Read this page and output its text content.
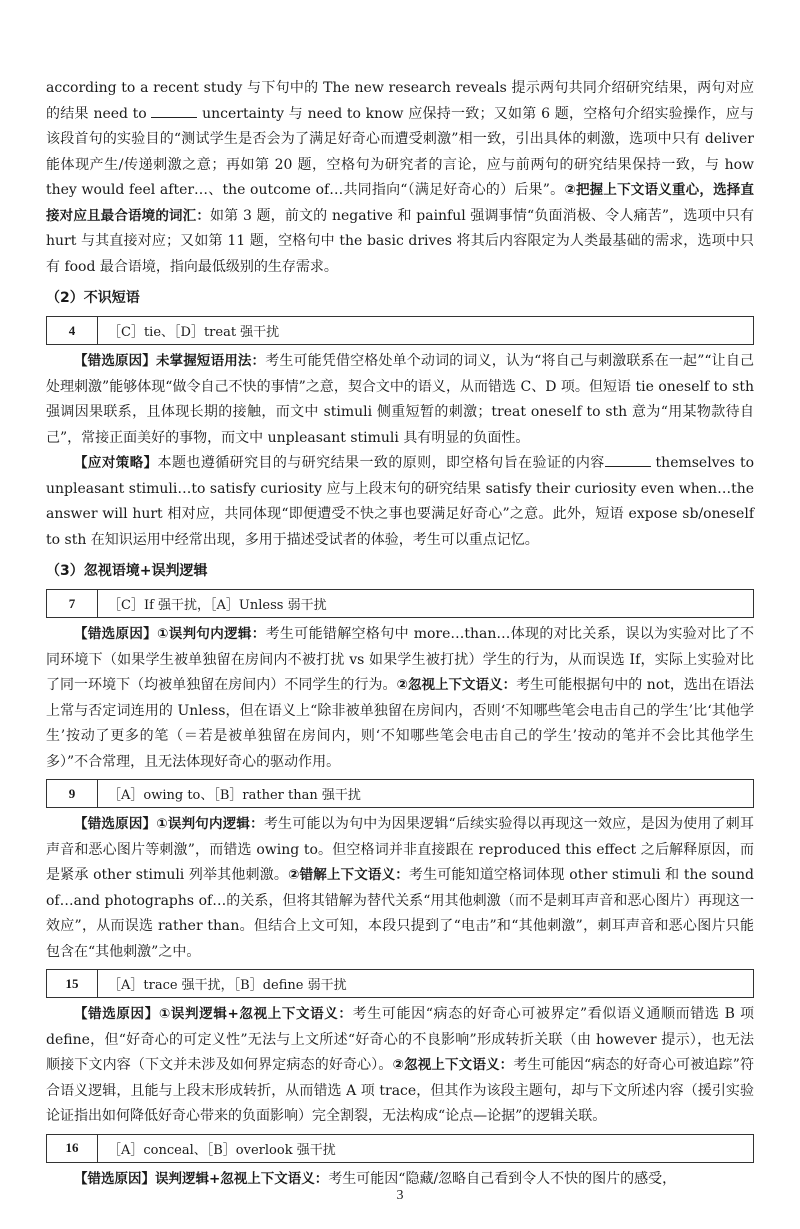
according to a recent study 与下句中的 The new research reveals 提示两句共同介绍研究结果，两句对应的结果 need to	uncertainty 与 need to know 应保持一致；又如第 6 题，空格句介绍实验操作，应与该段首句的实验目的“测试学生是否会为了满足好奇心而遭受刺激”相一致，引出具体的刺激，选项中只有 deliver 能体现产生/传递刺激之意；再如第 20 题，空格句为研究者的言论，应与前两句的研究结果保持一致，与 how they would feel after…、the outcome of…共同指向“（满足好奇心的）后果”。②把握上下文语义重心，选择直接对应且最合语境的词汇：如第 3 题，前文的 negative 和 painful 强调事情“负面消极、令人痛苦”，选项中只有 hurt 与其直接对应；又如第 11 题，空格句中 the basic drives 将其后内容限定为人类最基础的需求，选项中只有 food 最合语境，指向最低级别的生存需求。

（2）不识短语
4	［C］tie、［D］treat 强干扰

【错选原因】未掌握短语用法：考生可能凭借空格处单个动词的词义，认为“将自己与刺激联系在一起”“让自己处理刺激”能够体现“做令自己不快的事情”之意，契合文中的语义，从而错选 C、D 项。但短语 tie oneself to sth 强调因果联系，且体现长期的接触，而文中 stimuli 侧重短暂的刺激；treat oneself to sth 意为“用某物款待自己”，常接正面美好的事物，而文中 unpleasant stimuli 具有明显的负面性。

【应对策略】本题也遵循研究目的与研究结果一致的原则，即空格句旨在验证的内容	themselves to unpleasant stimuli…to satisfy curiosity 应与上段末句的研究结果 satisfy their curiosity even when…the answer will hurt 相对应，共同体现“即便遭受不快之事也要满足好奇心”之意。此外，短语 expose sb/oneself to sth 在知识运用中经常出现，多用于描述受试者的体验，考生可以重点记忆。

（3）忽视语境+误判逻辑
7	［C］If 强干扰，［A］Unless 弱干扰

【错选原因】①误判句内逻辑：考生可能错解空格句中 more…than…体现的对比关系，误以为实验对比了不同环境下（如果学生被单独留在房间内不被打扰 vs 如果学生被打扰）学生的行为，从而误选 If，实际上实验对比了同一环境下（均被单独留在房间内）不同学生的行为。②忽视上下文语义：考生可能根据句中的 not，选出在语法上常与否定词连用的 Unless，但在语义上“除非被单独留在房间内，否则‘不知哪些笔会电击自己的学生’比‘其他学生’按动了更多的笔（＝若是被单独留在房间内，则‘不知哪些笔会电击自己的学生’按动的笔并不会比其他学生多）”不合常理，且无法体现好奇心的驱动作用。

9	［A］owing to、［B］rather than 强干扰

【错选原因】①误判句内逻辑：考生可能以为句中为因果逻辑“后续实验得以再现这一效应，是因为使用了刺耳声音和恶心图片等刺激”，而错选 owing to。但空格词并非直接跟在 reproduced this effect 之后解释原因，而是紧承 other stimuli 列举其他刺激。②错解上下文语义：考生可能知道空格词体现 other stimuli 和 the sound of…and photographs of…的关系，但将其错解为替代关系“用其他刺激（而不是刺耳声音和恶心图片）再现这一效应”，从而误选 rather than。但结合上文可知，本段只提到了“电击”和“其他刺激”，刺耳声音和恶心图片只能包含在“其他刺激”之中。

15	［A］trace 强干扰，［B］define 弱干扰

【错选原因】①误判逻辑+忽视上下文语义：考生可能因“病态的好奇心可被界定”看似语义通顺而错选 B 项 define，但“好奇心的可定义性”无法与上文所述“好奇心的不良影响”形成转折关联（由 however 提示），也无法顺接下文内容（下文并未涉及如何界定病态的好奇心）。②忽视上下文语义：考生可能因“病态的好奇心可被追踪”符合语义逻辑，且能与上段末形成转折，从而错选 A 项 trace，但其作为该段主题句，却与下文所述内容（援引实验论证指出如何降低好奇心带来的负面影响）完全割裂，无法构成“论点—论据”的逻辑关联。

16	［A］conceal、［B］overlook 强干扰

【错选原因】误判逻辑+忽视上下文语义：考生可能因“隐藏/忽略自己看到令人不快的图片的感受，

3
